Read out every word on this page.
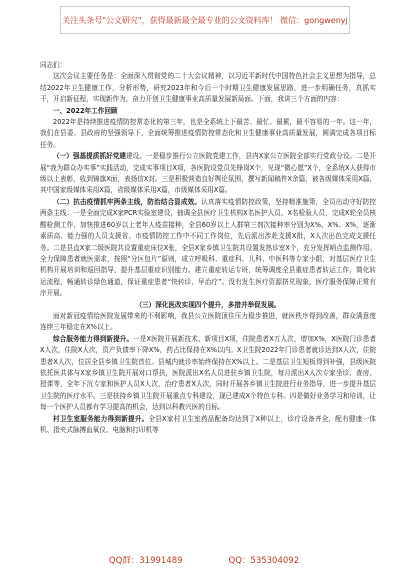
关注头条号"公文研究"，获得最新最全最专业的公文资料库！ 微信：gongwenyj

同志们：

这次会议主要任务是：全面深入贯彻党的二十大会议精神，以习近平新时代中国特色社会主义思想为指导，总结2022年卫生健康工作，分析形势，研究2023年和今后一个时期卫生健康发展思路，进一步明确任务，真抓实干，开启新征程，实现新作为，奋力开创卫生健康事业高质量发展新局面。下面，我讲三个方面的内容：

一、2022年工作回顾

2022年是持续推进疫情防控常态化的第三年，也是全系统上下最苦、最忙、最累，最不容易的一年。这一年，我们在县委、县政府的坚强领导下，全面统筹推进疫情防控常态化和卫生健康事业高质量发展，圆满完成各项目标任务。

（一）强基提质抓好党建建设。一是稳步推行公立医院党建工作，县内X家公立医院全部实行党政分设。二是开展“我为群众办实事”实践活动，完成实事项目X项，各医院设党员先锋岗X个，见现“微心愿”X个，全系统X人获得市级以上表彰，收到锦旗X面，表扬信X封。三是积极营造良好舆论氛围，撰写新闻稿件X余篇，被各级媒体采用X篇，其中国家级媒体采用X篇，省级媒体采用X篇，市级媒体采用X篇。

（二）抗击疫情抓牢两条主线，防治结合显成效。认真落实疫情防控政策，坚持精准施策，全员出动守好防控两条主线：一是全面完成X家PCR实验室建设，抽调全县医疗卫生机构X名医护人员、X名检验人员，完成X轮全员核酸检测工作，加快推进60岁以上老年人疫苗接种，全县60岁以上人群第三剂次接种率分别为X%、X%、X%，逐渐素质高、能力强的人员支援省、市疫情防控工作中不同工作岗位，先后派出涉赴支援X批，X人次出色完成支援任务。二是县直X家二级医院共设置重症床位X张，全县X家乡镇卫生院共设置发热诊室X个，充分发挥哨点监测作用。全力保障患者就医需求，按照“分区包片”原则，成立呼吸科、重症科、儿科、中医科等专家小组，对基层医疗卫生机构开展培训和巡回指导，提升基层重症识别能力。建立重症转运专班，统筹调度全县重症患者转运工作，简化转运流程，畅通转诊绿色通道，保证重症患者“快转诊、早治疗”。没有发生医疗资源挤兑现象，医疗服务保障正常有序开展。

（三）深化医改实现四个提升，多措并举促发展。

面对新冠疫情给医院发展带来的不利影响，我县公立医院顶住压力稳步推进，就医秩序得到改善，群众满意度连续三年稳定在X%以上。

综合服务能力得到新提升。一是X医院开展新技术、新项目X项，住院患者X万人次，增加X%，X医院门诊患者X人次，住院X人次，资产负债率下降X%，药占比保持在X%以内。X卫生院2022年门诊患者就诊达到X人次，住院患者X人次，位居全县乡镇卫生院首位。县城内就诊率始终保持在X%以上。二是基层卫生短板得到补强，县级医院依托医共体与X家乡镇卫生院开展对口帮扶，医院派出X名人员进驻乡镇卫生院，每月派出X人次专家坐诊、查房、授课等，全年下沉专家和医护人员X人次，治疗患者X人次，同时开展各乡镇卫生院进行业务指导，进一步提升基层卫生院的医疗水平。三是扶持乡镇卫生院开展重点专科建设，现已建成X个特色专科。四是做好业务学习和培训，让每一个医护人员都有学习提高的机会，达到以科教兴医的目标。

村卫生室服务能力得到新提升。全县X家村卫生室药品配备均达到了X种以上，诊疗设备齐全，配有健康一体机、指夹式脉搏血氧仪、电脑和打印机等

QQ群：31991489	QQ：535304092
